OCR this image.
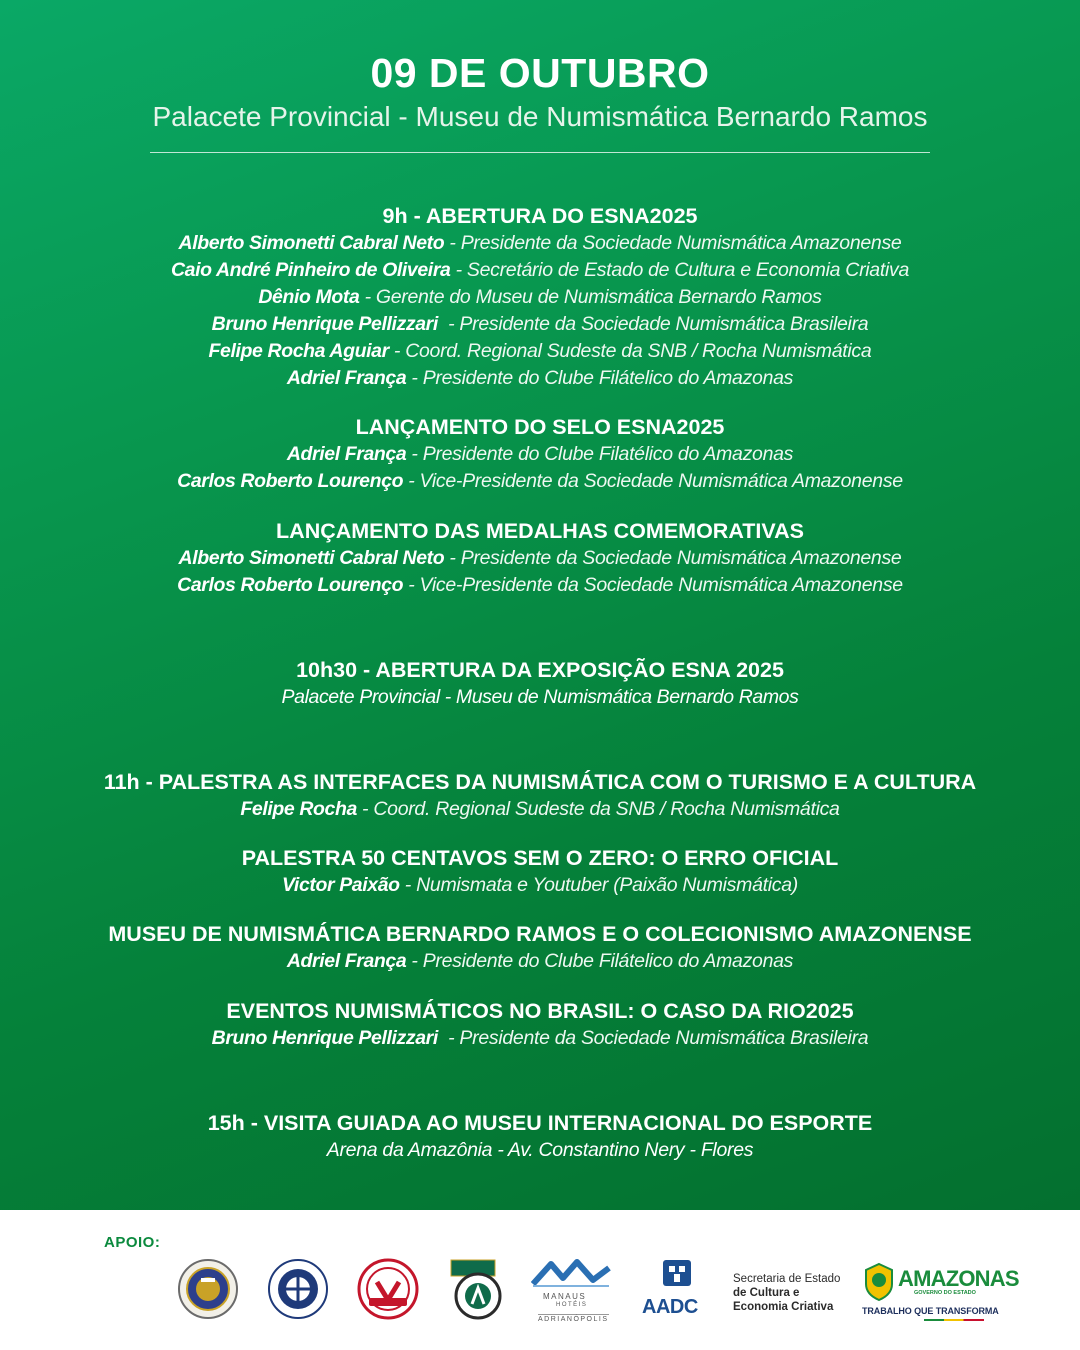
09 DE OUTUBRO
Palacete Provincial - Museu de Numismática Bernardo Ramos
9h - ABERTURA DO ESNA2025
Alberto Simonetti Cabral Neto - Presidente da Sociedade Numismática Amazonense
Caio André Pinheiro de Oliveira - Secretário de Estado de Cultura e Economia Criativa
Dênio Mota - Gerente do Museu de Numismática Bernardo Ramos
Bruno Henrique Pellizzari  - Presidente da Sociedade Numismática Brasileira
Felipe Rocha Aguiar - Coord. Regional Sudeste da SNB / Rocha Numismática
Adriel França - Presidente do Clube Filátelico do Amazonas
LANÇAMENTO DO SELO ESNA2025
Adriel França - Presidente do Clube Filatélico do Amazonas
Carlos Roberto Lourenço - Vice-Presidente da Sociedade Numismática Amazonense
LANÇAMENTO DAS MEDALHAS COMEMORATIVAS
Alberto Simonetti Cabral Neto - Presidente da Sociedade Numismática Amazonense
Carlos Roberto Lourenço - Vice-Presidente da Sociedade Numismática Amazonense
10h30 - ABERTURA DA EXPOSIÇÃO ESNA 2025
Palacete Provincial - Museu de Numismática Bernardo Ramos
11h - PALESTRA AS INTERFACES DA NUMISMÁTICA COM O TURISMO E A CULTURA
Felipe Rocha - Coord. Regional Sudeste da SNB / Rocha Numismática
PALESTRA 50 CENTAVOS SEM O ZERO: O ERRO OFICIAL
Victor Paixão - Numismata e Youtuber (Paixão Numismática)
MUSEU DE NUMISMÁTICA BERNARDO RAMOS E O COLECIONISMO AMAZONENSE
Adriel França - Presidente do Clube Filátelico do Amazonas
EVENTOS NUMISMÁTICOS NO BRASIL: O CASO DA RIO2025
Bruno Henrique Pellizzari  - Presidente da Sociedade Numismática Brasileira
15h - VISITA GUIADA AO MUSEU INTERNACIONAL DO ESPORTE
Arena da Amazônia - Av. Constantino Nery - Flores
APOIO:
MANAUS
HOTÉIS
ADRIANÓPOLIS
AADC
Secretaria de Estado
de Cultura e
Economia Criativa
AMAZONAS
GOVERNO DO ESTADO
TRABALHO QUE TRANSFORMA
